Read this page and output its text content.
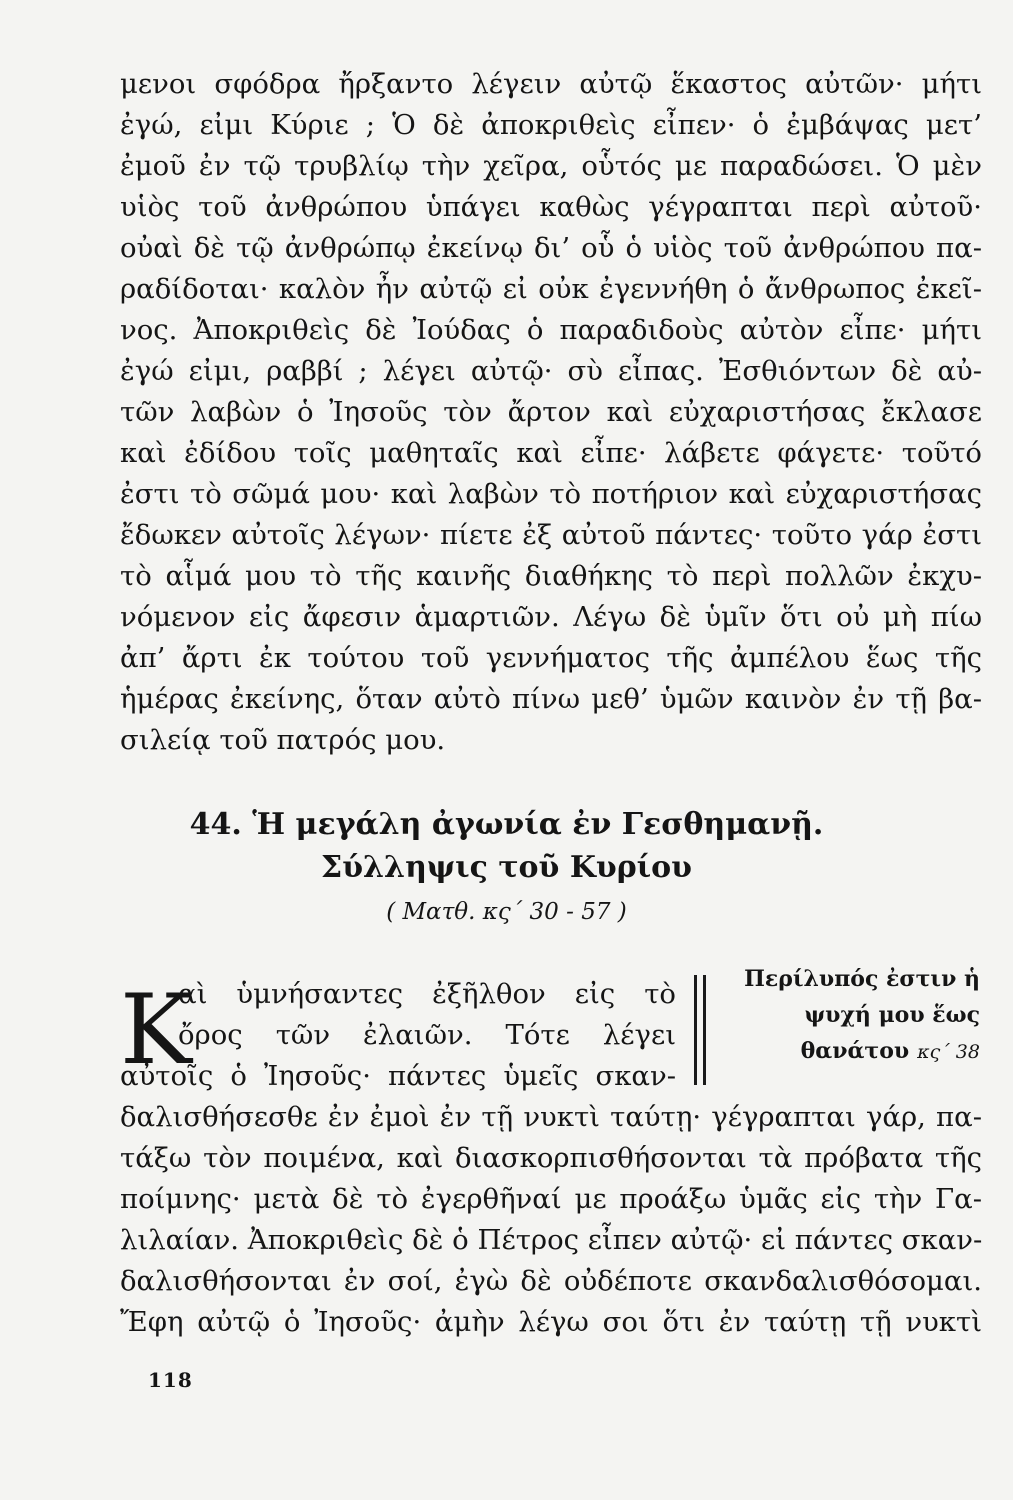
μενοι σφόδρα ἤρξαντο λέγειν αὐτῷ ἕκαστος αὐτῶν· μήτι
ἐγώ, εἰμι Κύριε ; Ὁ δὲ ἀποκριθεὶς εἶπεν· ὁ ἐμβάψας μετ’
ἐμοῦ ἐν τῷ τρυβλίῳ τὴν χεῖρα, οὗτός με παραδώσει. Ὁ μὲν
υἱὸς τοῦ ἀνθρώπου ὑπάγει καθὼς γέγραπται περὶ αὐτοῦ·
οὐαὶ δὲ τῷ ἀνθρώπῳ ἐκείνῳ δι’ οὗ ὁ υἱὸς τοῦ ἀνθρώπου πα-
ραδίδοται· καλὸν ἦν αὐτῷ εἰ οὐκ ἐγεννήθη ὁ ἄνθρωπος ἐκεῖ-
νος. Ἀποκριθεὶς δὲ Ἰούδας ὁ παραδιδοὺς αὐτὸν εἶπε· μήτι
ἐγώ εἰμι, ραββί ; λέγει αὐτῷ· σὺ εἶπας. Ἐσθιόντων δὲ αὐ-
τῶν λαβὼν ὁ Ἰησοῦς τὸν ἄρτον καὶ εὐχαριστήσας ἔκλασε
καὶ ἐδίδου τοῖς μαθηταῖς καὶ εἶπε· λάβετε φάγετε· τοῦτό
ἐστι τὸ σῶμά μου· καὶ λαβὼν τὸ ποτήριον καὶ εὐχαριστήσας
ἔδωκεν αὐτοῖς λέγων· πίετε ἐξ αὐτοῦ πάντες· τοῦτο γάρ ἐστι
τὸ αἷμά μου τὸ τῆς καινῆς διαθήκης τὸ περὶ πολλῶν ἐκχυ-
νόμενον εἰς ἄφεσιν ἁμαρτιῶν. Λέγω δὲ ὑμῖν ὅτι οὐ μὴ πίω
ἀπ’ ἄρτι ἐκ τούτου τοῦ γεννήματος τῆς ἀμπέλου ἕως τῆς
ἡμέρας ἐκείνης, ὅταν αὐτὸ πίνω μεθ’ ὑμῶν καινὸν ἐν τῇ βα-
σιλείᾳ τοῦ πατρός μου.
44. Ἡ μεγάλη ἀγωνία ἐν Γεσθημανῇ.
Σύλληψις τοῦ Κυρίου
( Ματθ. κς΄ 30 - 57 )
Κ
αὶ ὑμνήσαντες ἐξῆλθον εἰς τὸ
ὄρος τῶν ἐλαιῶν. Τότε λέγει
αὐτοῖς ὁ Ἰησοῦς· πάντες ὑμεῖς σκαν-
Περίλυπός ἐστιν ἡ
ψυχή μου ἕως
θανάτου κς΄ 38
δαλισθήσεσθε ἐν ἐμοὶ ἐν τῇ νυκτὶ ταύτῃ· γέγραπται γάρ, πα-
τάξω τὸν ποιμένα, καὶ διασκορπισθήσονται τὰ πρόβατα τῆς
ποίμνης· μετὰ δὲ τὸ ἐγερθῆναί με προάξω ὑμᾶς εἰς τὴν Γα-
λιλαίαν. Ἀποκριθεὶς δὲ ὁ Πέτρος εἶπεν αὐτῷ· εἰ πάντες σκαν-
δαλισθήσονται ἐν σοί, ἐγὼ δὲ οὐδέποτε σκανδαλισθόσομαι.
Ἔφη αὐτῷ ὁ Ἰησοῦς· ἀμὴν λέγω σοι ὅτι ἐν ταύτῃ τῇ νυκτὶ
118
